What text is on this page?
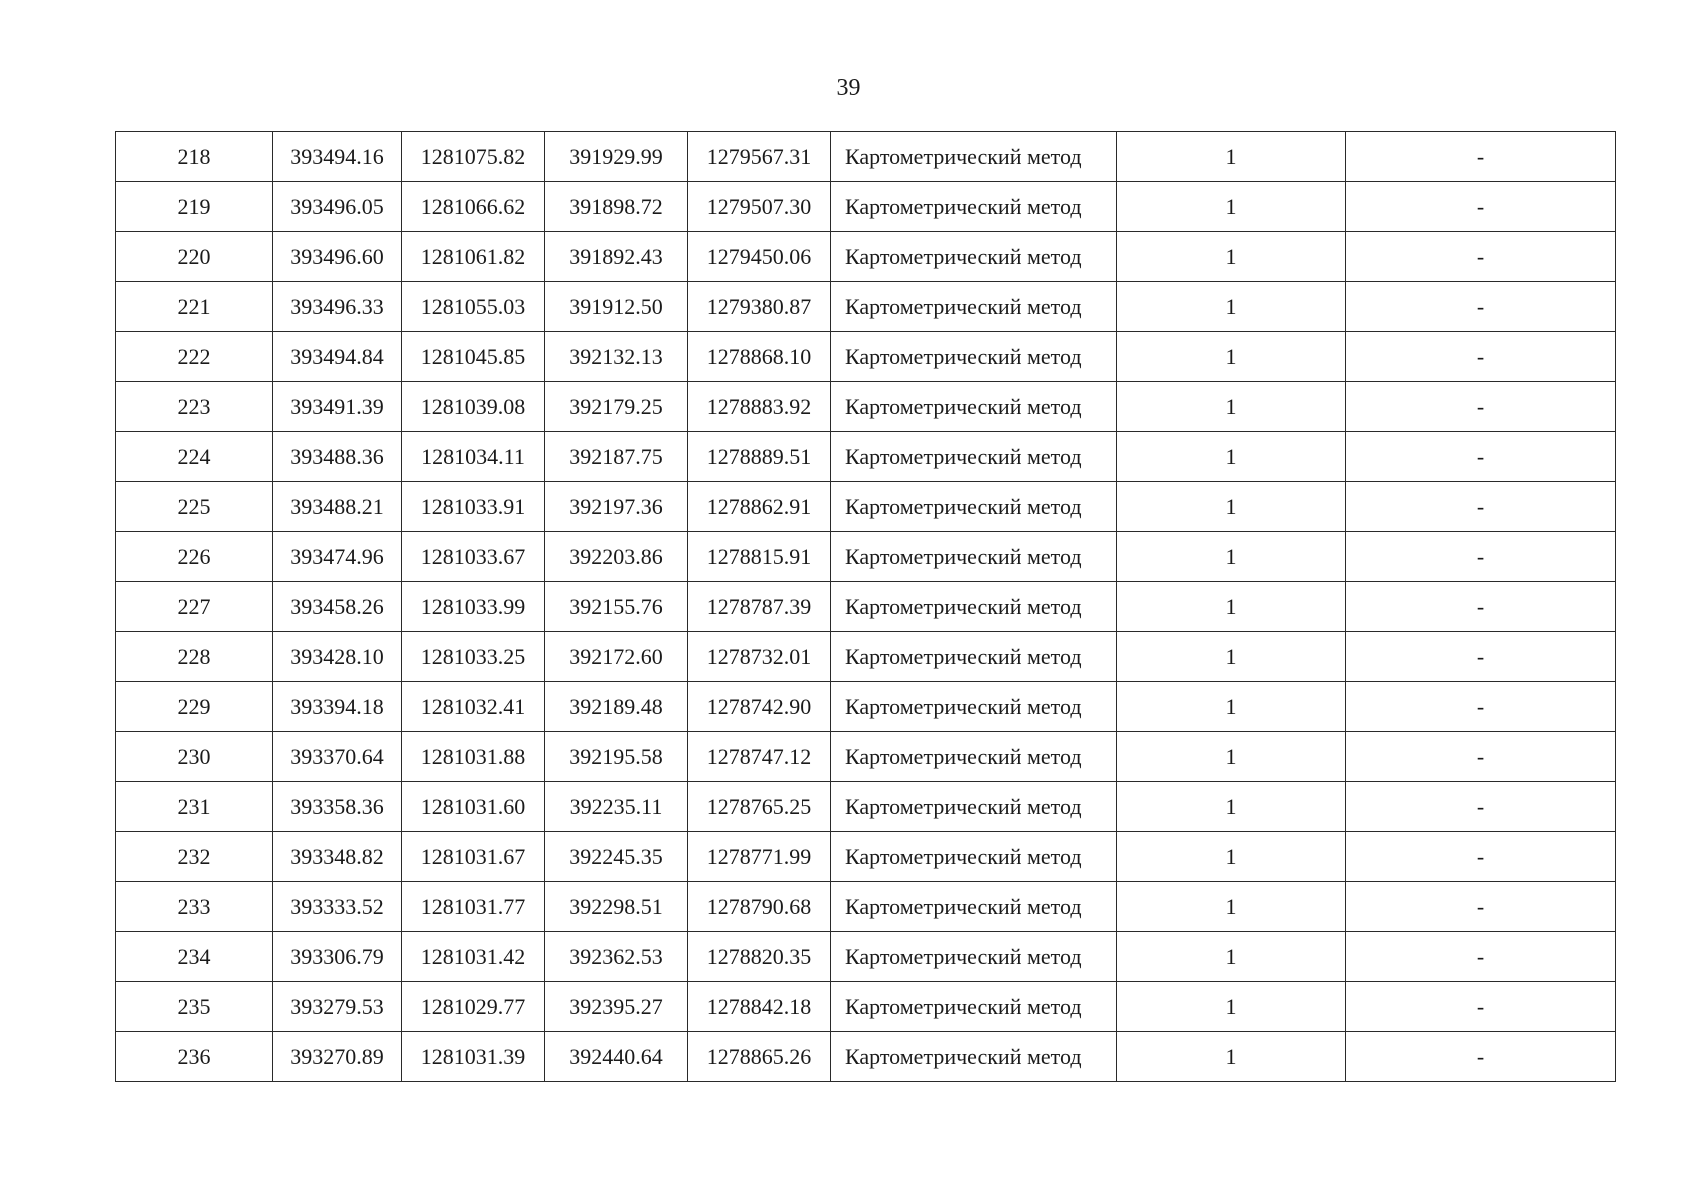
39
218	393494.16	1281075.82	391929.99	1279567.31	Картометрический метод	1	-
219	393496.05	1281066.62	391898.72	1279507.30	Картометрический метод	1	-
220	393496.60	1281061.82	391892.43	1279450.06	Картометрический метод	1	-
221	393496.33	1281055.03	391912.50	1279380.87	Картометрический метод	1	-
222	393494.84	1281045.85	392132.13	1278868.10	Картометрический метод	1	-
223	393491.39	1281039.08	392179.25	1278883.92	Картометрический метод	1	-
224	393488.36	1281034.11	392187.75	1278889.51	Картометрический метод	1	-
225	393488.21	1281033.91	392197.36	1278862.91	Картометрический метод	1	-
226	393474.96	1281033.67	392203.86	1278815.91	Картометрический метод	1	-
227	393458.26	1281033.99	392155.76	1278787.39	Картометрический метод	1	-
228	393428.10	1281033.25	392172.60	1278732.01	Картометрический метод	1	-
229	393394.18	1281032.41	392189.48	1278742.90	Картометрический метод	1	-
230	393370.64	1281031.88	392195.58	1278747.12	Картометрический метод	1	-
231	393358.36	1281031.60	392235.11	1278765.25	Картометрический метод	1	-
232	393348.82	1281031.67	392245.35	1278771.99	Картометрический метод	1	-
233	393333.52	1281031.77	392298.51	1278790.68	Картометрический метод	1	-
234	393306.79	1281031.42	392362.53	1278820.35	Картометрический метод	1	-
235	393279.53	1281029.77	392395.27	1278842.18	Картометрический метод	1	-
236	393270.89	1281031.39	392440.64	1278865.26	Картометрический метод	1	-
